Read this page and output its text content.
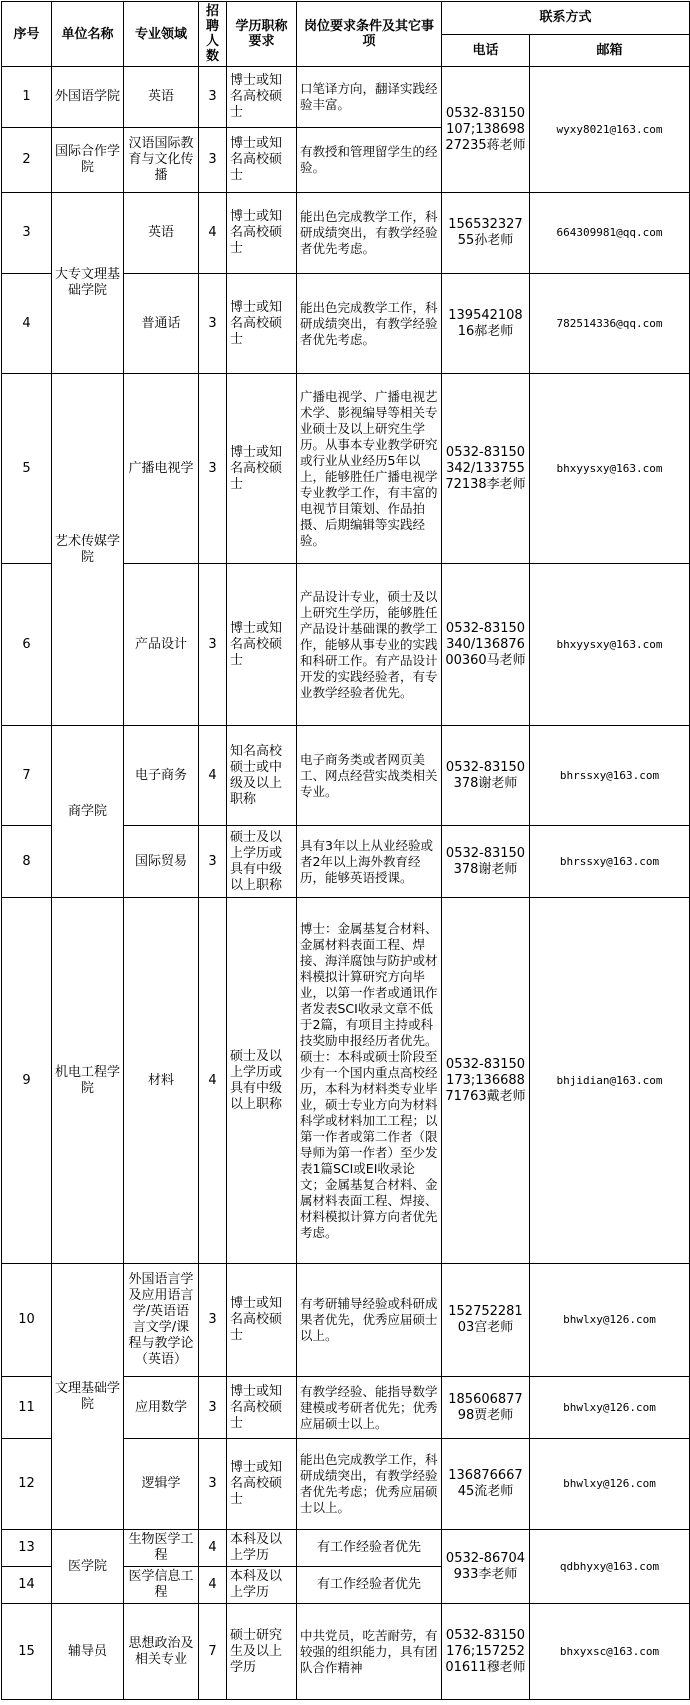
序号	单位名称	专业领域	招聘人数	学历职称要求	岗位要求条件及其它事项	联系方式	
						电话	邮箱
1	外国语学院	英语	3	博士或知名高校硕士	口笔译方向，翻译实践经验丰富。	0532-83150107;13869827235蒋老师	wyxy8021@163.com
2	国际合作学院	汉语国际教育与文化传播	3	博士或知名高校硕士	有教授和管理留学生的经验。		
3	大专文理基础学院	英语	4	博士或知名高校硕士	能出色完成教学工作，科研成绩突出，有教学经验者优先考虑。	15653232755孙老师	664309981@qq.com
4		普通话	3	博士或知名高校硕士	能出色完成教学工作，科研成绩突出，有教学经验者优先考虑。	13954210816郝老师	782514336@qq.com
5	艺术传媒学院	广播电视学	3	博士或知名高校硕士	广播电视学、广播电视艺术学、影视编导等相关专业硕士及以上研究生学历。从事本专业教学研究或行业从业经历5年以上，能够胜任广播电视学专业教学工作，有丰富的电视节目策划、作品拍摄、后期编辑等实践经验。	0532-83150342/13375572138李老师	bhxyysxy@163.com
6		产品设计	3	博士或知名高校硕士	产品设计专业，硕士及以上研究生学历，能够胜任产品设计基础课的教学工作，能够从事专业的实践和科研工作。有产品设计开发的实践经验者，有专业教学经验者优先。	0532-83150340/13687600360马老师	bhxyysxy@163.com
7	商学院	电子商务	4	知名高校硕士或中级及以上职称	电子商务类或者网页美工、网点经营实战类相关专业。	0532-83150378谢老师	bhrssxy@163.com
8		国际贸易	3	硕士及以上学历或具有中级以上职称	具有3年以上从业经验或者2年以上海外教育经历，能够英语授课。	0532-83150378谢老师	bhrssxy@163.com
9	机电工程学院	材料	4	硕士及以上学历或具有中级以上职称	博士：金属基复合材料、金属材料表面工程、焊接、海洋腐蚀与防护或材料模拟计算研究方向毕业，以第一作者或通讯作者发表SCI收录文章不低于2篇，有项目主持或科技奖励申报经历者优先。硕士：本科或硕士阶段至少有一个国内重点高校经历，本科为材料类专业毕业，硕士专业方向为材料科学或材料加工工程；以第一作者或第二作者（限导师为第一作者）至少发表1篇SCI或EI收录论文；金属基复合材料、金属材料表面工程、焊接、材料模拟计算方向者优先考虑。	0532-83150173;13668871763戴老师	bhjidian@163.com
10	文理基础学院	外国语言学及应用语言学/英语语言文学/课程与教学论（英语）	3	博士或知名高校硕士	有考研辅导经验或科研成果者优先，优秀应届硕士以上。	15275228103宫老师	bhwlxy@126.com
11		应用数学	3	博士或知名高校硕士	有教学经验、能指导数学建模或考研者优先；优秀应届硕士以上。	18560687798贾老师	bhwlxy@126.com
12		逻辑学	3	博士或知名高校硕士	能出色完成教学工作，科研成绩突出，有教学经验者优先考虑；优秀应届硕士以上。	13687666745流老师	bhwlxy@126.com
13	医学院	生物医学工程	4	本科及以上学历	有工作经验者优先	0532-86704933李老师	qdbhyxy@163.com
14		医学信息工程	4	本科及以上学历	有工作经验者优先		
15	辅导员	思想政治及相关专业	7	硕士研究生及以上学历	中共党员，吃苦耐劳，有较强的组织能力，具有团队合作精神	0532-83150176;15725201611穆老师	bhxyxsc@163.com
